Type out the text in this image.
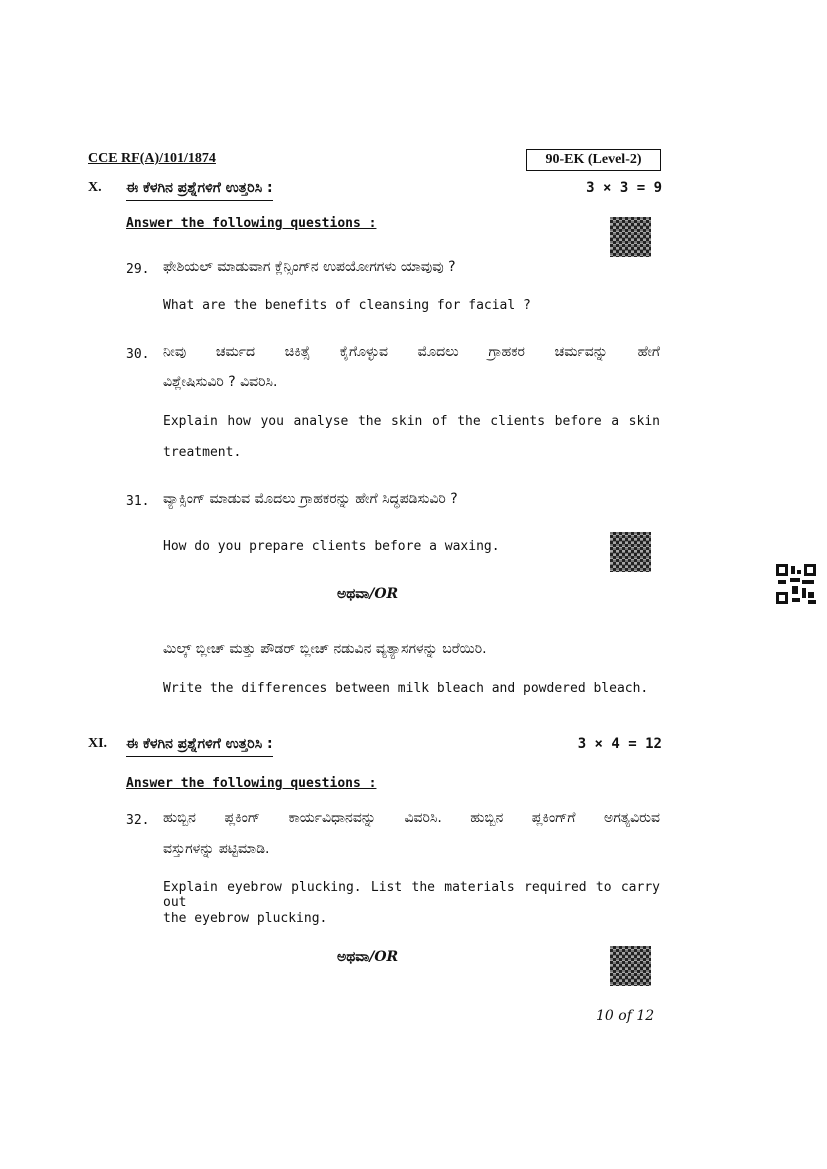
CCE RF(A)/101/1874	90-EK (Level-2)
X. ಈ ಕೆಳಗಿನ ಪ್ರಶ್ನೆಗಳಿಗೆ ಉತ್ತರಿಸಿ :	3 × 3 = 9
Answer the following questions :
29. ಫೇಶಿಯಲ್ ಮಾಡುವಾಗ ಕ್ಲೆನ್ಸಿಂಗ್‌ನ ಉಪಯೋಗಗಳು ಯಾವುವು ?
What are the benefits of cleansing for facial ?
30. ನೀವು ಚರ್ಮದ ಚಿಕಿತ್ಸೆ ಕೈಗೊಳ್ಳುವ ಮೊದಲು ಗ್ರಾಹಕರ ಚರ್ಮವನ್ನು ಹೇಗೆ
ವಿಶ್ಲೇಷಿಸುವಿರಿ ? ವಿವರಿಸಿ.
Explain how you analyse the skin of the clients before a skin
treatment.
31. ವ್ಯಾಕ್ಸಿಂಗ್ ಮಾಡುವ ಮೊದಲು ಗ್ರಾಹಕರನ್ನು ಹೇಗೆ ಸಿದ್ಧಪಡಿಸುವಿರಿ ?
How do you prepare clients before a waxing.
ಅಥವಾ/OR
ಮಿಲ್ಕ್ ಬ್ಲೀಚ್ ಮತ್ತು ಪೌಡರ್ ಬ್ಲೀಚ್ ನಡುವಿನ ವ್ಯತ್ಯಾಸಗಳನ್ನು ಬರೆಯಿರಿ.
Write the differences between milk bleach and powdered bleach.
XI. ಈ ಕೆಳಗಿನ ಪ್ರಶ್ನೆಗಳಿಗೆ ಉತ್ತರಿಸಿ :	3 × 4 = 12
Answer the following questions :
32. ಹುಬ್ಬಿನ ಪ್ಲಕಿಂಗ್ ಕಾರ್ಯವಿಧಾನವನ್ನು ವಿವರಿಸಿ. ಹುಬ್ಬಿನ ಪ್ಲಕಿಂಗ್‌ಗೆ ಅಗತ್ಯವಿರುವ
ವಸ್ತುಗಳನ್ನು ಪಟ್ಟಿಮಾಡಿ.
Explain eyebrow plucking. List the materials required to carry out
the eyebrow plucking.
ಅಥವಾ/OR
10 of 12
